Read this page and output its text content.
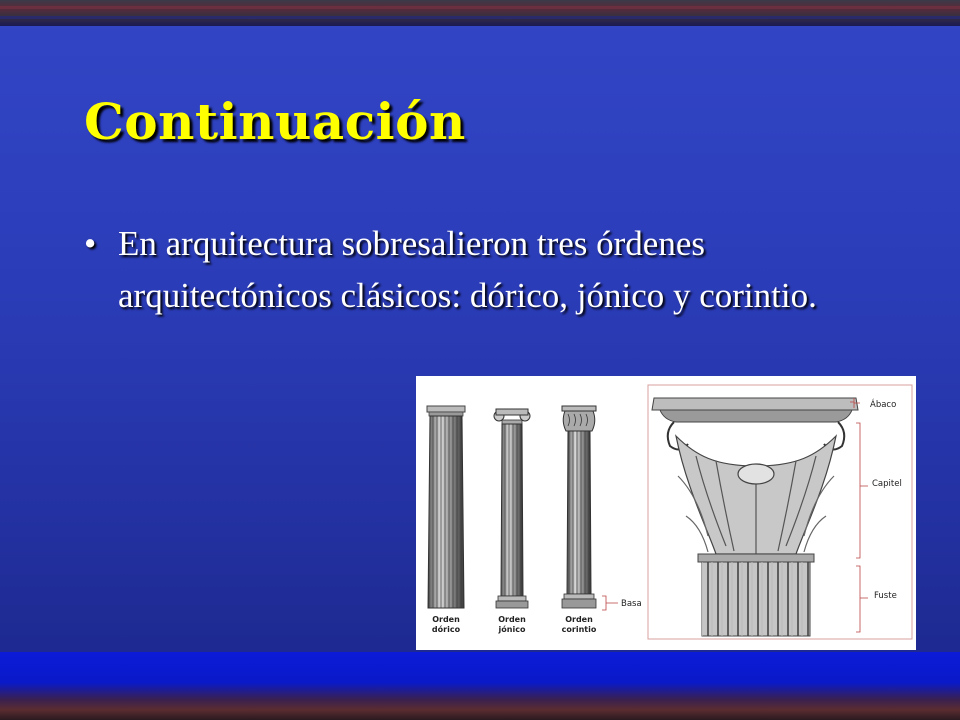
Continuación
• En arquitectura sobresalieron tres órdenes arquitectónicos clásicos: dórico, jónico y corintio.
Orden
dórico
Orden
jónico
Orden
corintio
Basa
Ábaco
Capitel
Fuste
